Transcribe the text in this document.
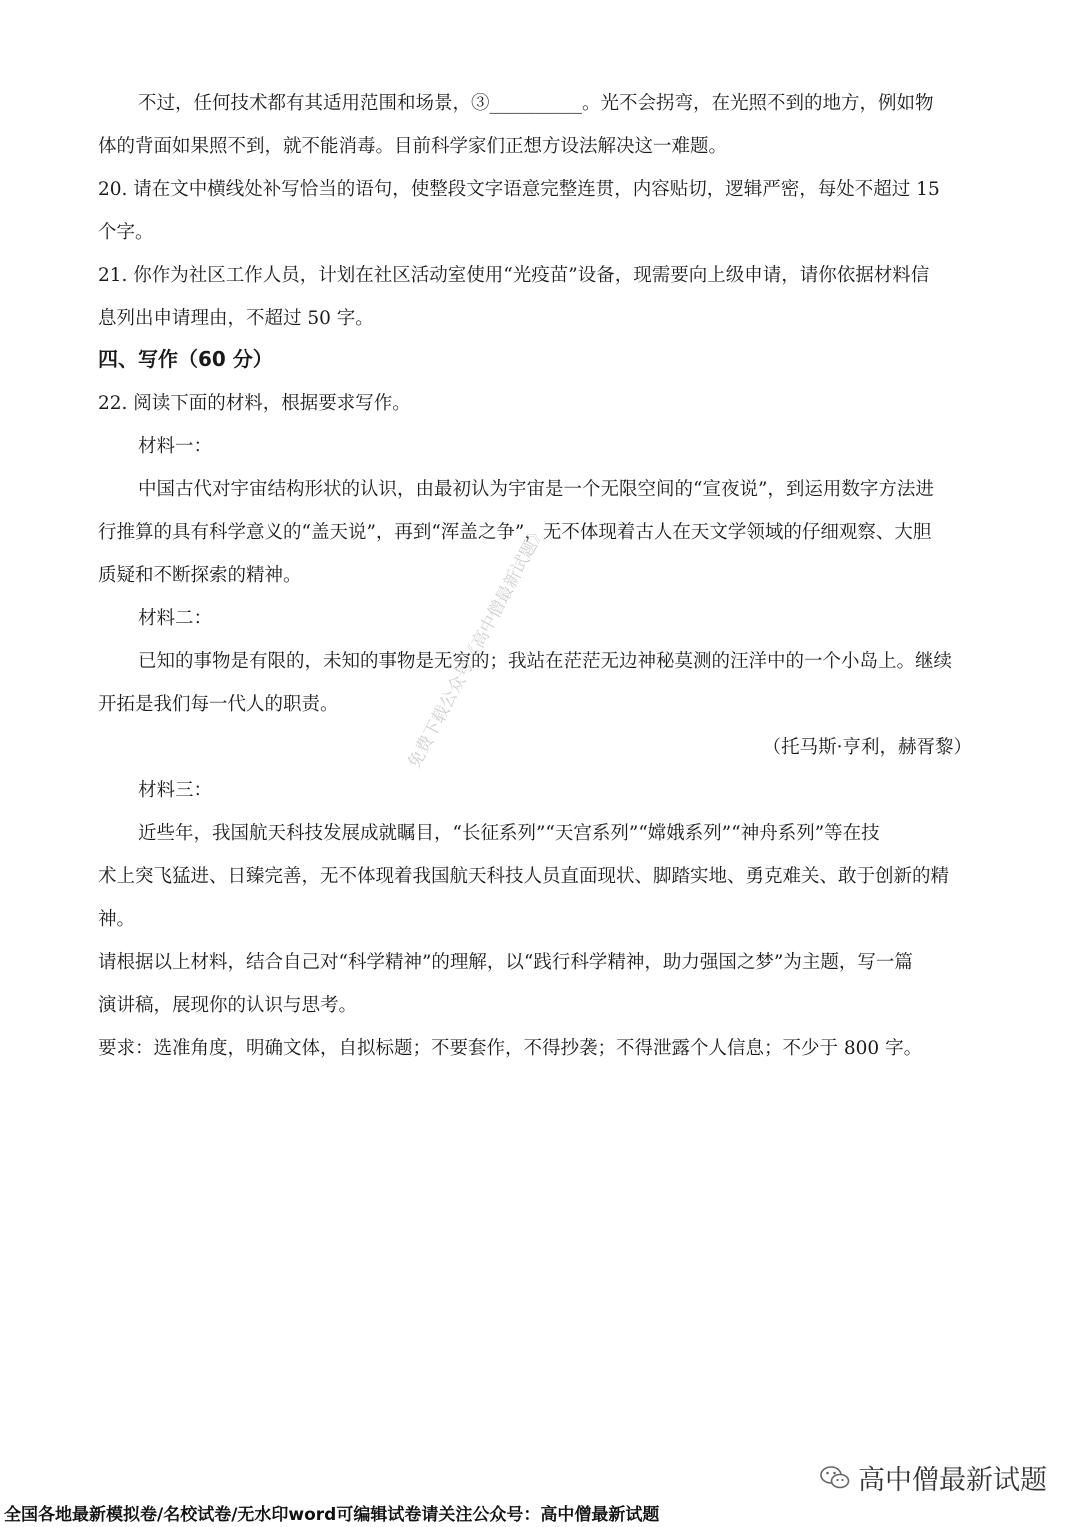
不过，任何技术都有其适用范围和场景，③__________。光不会拐弯，在光照不到的地方，例如物
体的背面如果照不到，就不能消毒。目前科学家们正想方设法解决这一难题。
20. 请在文中横线处补写恰当的语句，使整段文字语意完整连贯，内容贴切，逻辑严密，每处不超过 15
个字。
21. 你作为社区工作人员，计划在社区活动室使用“光疫苗”设备，现需要向上级申请，请你依据材料信
息列出申请理由，不超过 50 字。
四、写作（60 分）
22. 阅读下面的材料，根据要求写作。
材料一：
中国古代对宇宙结构形状的认识，由最初认为宇宙是一个无限空间的“宣夜说”，到运用数字方法进
行推算的具有科学意义的“盖天说”，再到“浑盖之争”，无不体现着古人在天文学领域的仔细观察、大胆
质疑和不断探索的精神。
材料二：
已知的事物是有限的，未知的事物是无穷的；我站在茫茫无边神秘莫测的汪洋中的一个小岛上。继续
开拓是我们每一代人的职责。
（托马斯·亨利，赫胥黎）
材料三：
近些年，我国航天科技发展成就瞩目，“长征系列”“天宫系列”“嫦娥系列”“神舟系列”等在技
术上突飞猛进、日臻完善，无不体现着我国航天科技人员直面现状、脚踏实地、勇克难关、敢于创新的精
神。
请根据以上材料，结合自己对“科学精神”的理解，以“践行科学精神，助力强国之梦”为主题，写一篇
演讲稿，展现你的认识与思考。
要求：选准角度，明确文体，自拟标题；不要套作，不得抄袭；不得泄露个人信息；不少于 800 字。
免费下载公众号《高中僧最新试题》
高中僧最新试题
全国各地最新模拟卷/名校试卷/无水印word可编辑试卷请关注公众号：高中僧最新试题
